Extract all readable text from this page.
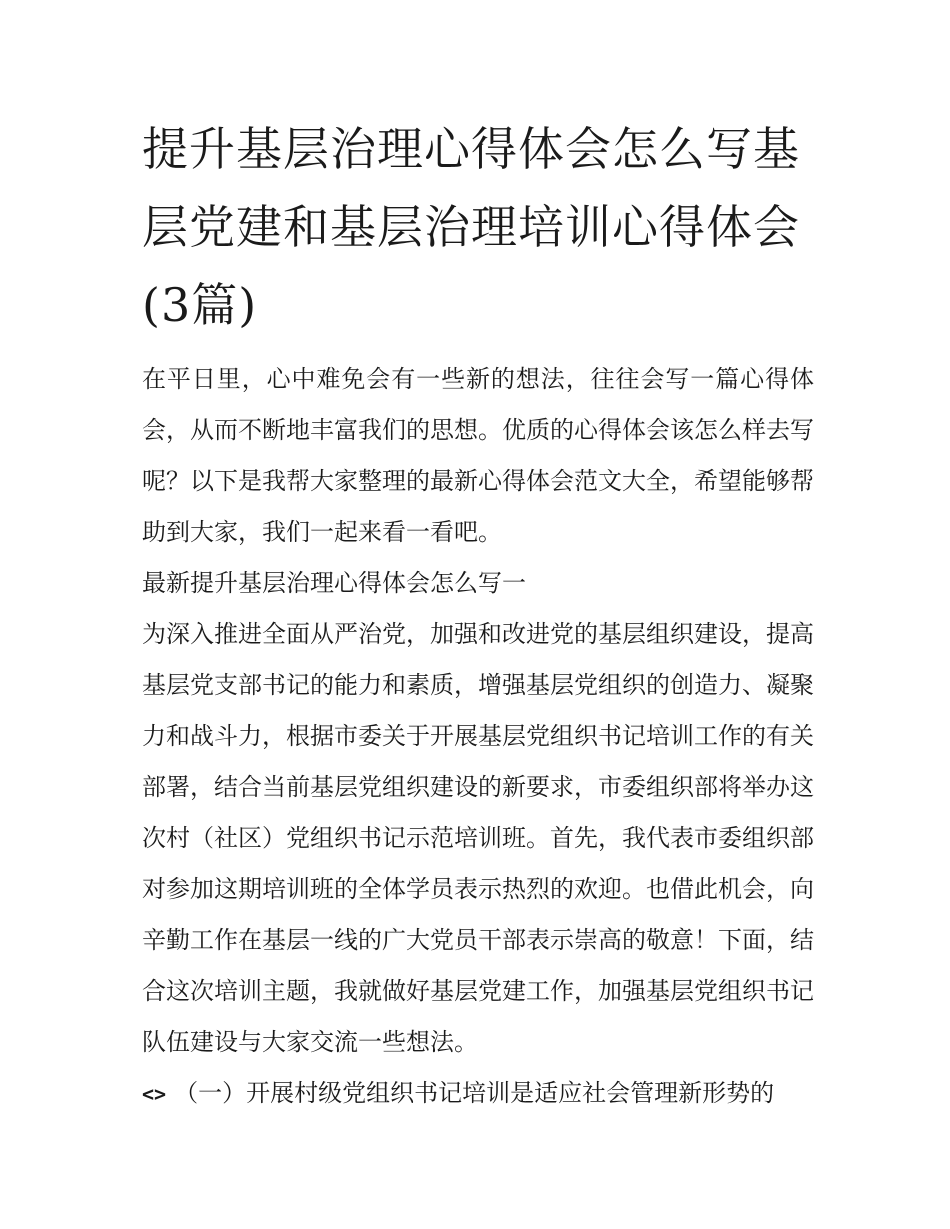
提升基层治理心得体会怎么写基层党建和基层治理培训心得体会(3篇)

在平日里，心中难免会有一些新的想法，往往会写一篇心得体会，从而不断地丰富我们的思想。优质的心得体会该怎么样去写呢？以下是我帮大家整理的最新心得体会范文大全，希望能够帮助到大家，我们一起来看一看吧。

最新提升基层治理心得体会怎么写一

为深入推进全面从严治党，加强和改进党的基层组织建设，提高基层党支部书记的能力和素质，增强基层党组织的创造力、凝聚力和战斗力，根据市委关于开展基层党组织书记培训工作的有关部署，结合当前基层党组织建设的新要求，市委组织部将举办这次村（社区）党组织书记示范培训班。首先，我代表市委组织部对参加这期培训班的全体学员表示热烈的欢迎。也借此机会，向辛勤工作在基层一线的广大党员干部表示崇高的敬意！下面，结合这次培训主题，我就做好基层党建工作，加强基层党组织书记队伍建设与大家交流一些想法。

<> （一）开展村级党组织书记培训是适应社会管理新形势的
